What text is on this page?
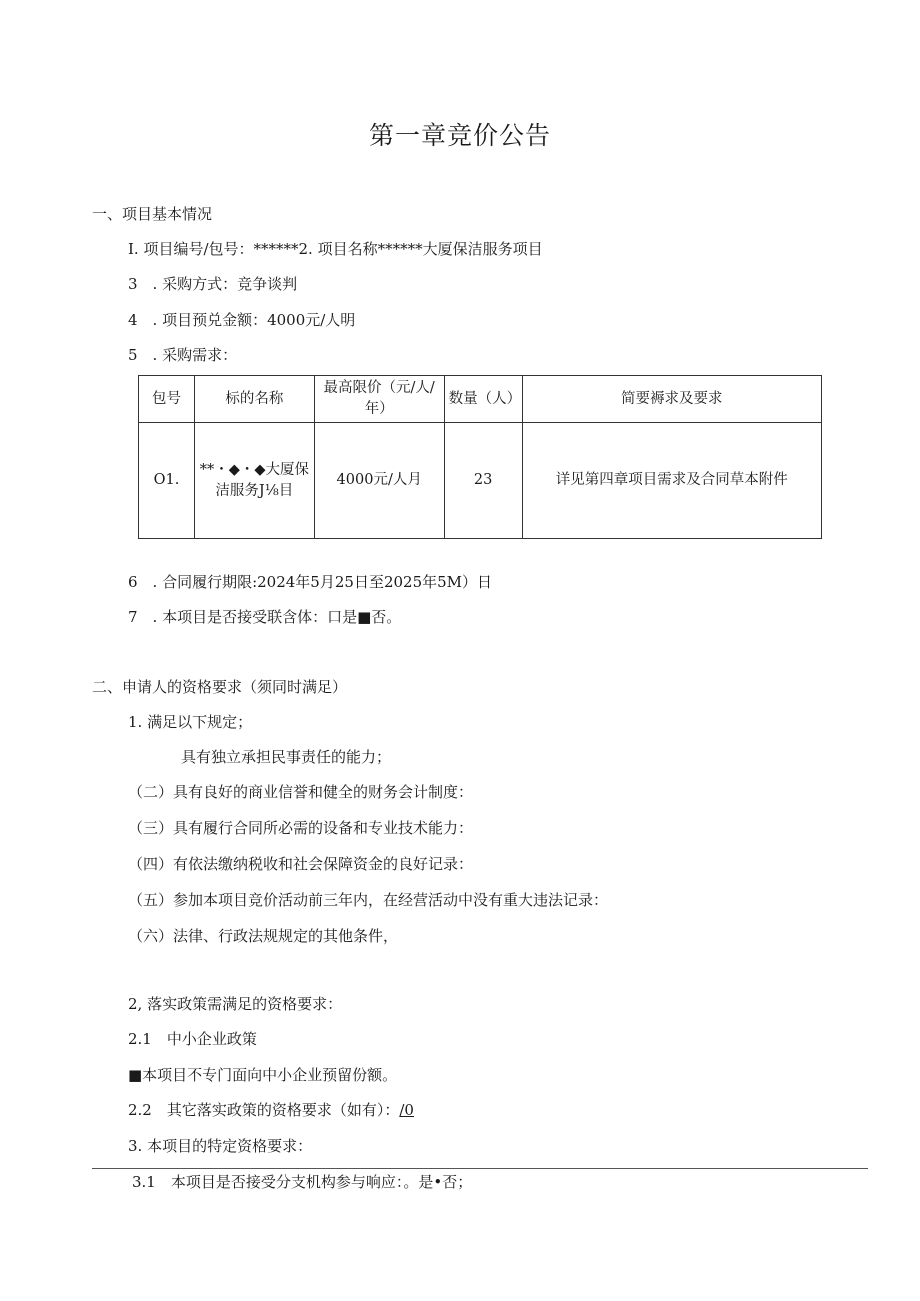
第一章竞价公告
一、项目基本情况
I. 项目编号/包号：******2. 项目名称******大厦保洁服务项目
3　. 采购方式：竞争谈判
4　. 项目预兑金额：4000元/人明
5　. 采购需求：
包号	标的名称	最高限价（元/人/年）	数量（人）	简要褥求及要求
O1.	**・◆・◆大厦保洁服务J⅛目	4000元/人月	23	详见第四章项目需求及合同草本附件
6　. 合同履行期限:2024年5月25日至2025年5M）日
7　. 本项目是否接受联含体：口是■否。
二、申请人的资格要求（须同时满足）
1. 满足以下规定；
具有独立承担民事责任的能力；
（二）具有良好的商业信誉和健全的财务会计制度：
（三）具有履行合同所必需的设备和专业技术能力：
（四）有依法缴纳税收和社会保障资金的良好记录：
（五）参加本项目竞价活动前三年内，在经营活动中没有重大违法记录：
（六）法律、行政法规规定的其他条件，
2, 落实政策需满足的资格要求：
2.1　中小企业政策
■本项目不专门面向中小企业预留份额。
2.2　其它落实政策的资格要求（如有）：/0
3. 本项目的特定资格要求：
3.1　本项目是否接受分支机构参与响应：。是•否；
